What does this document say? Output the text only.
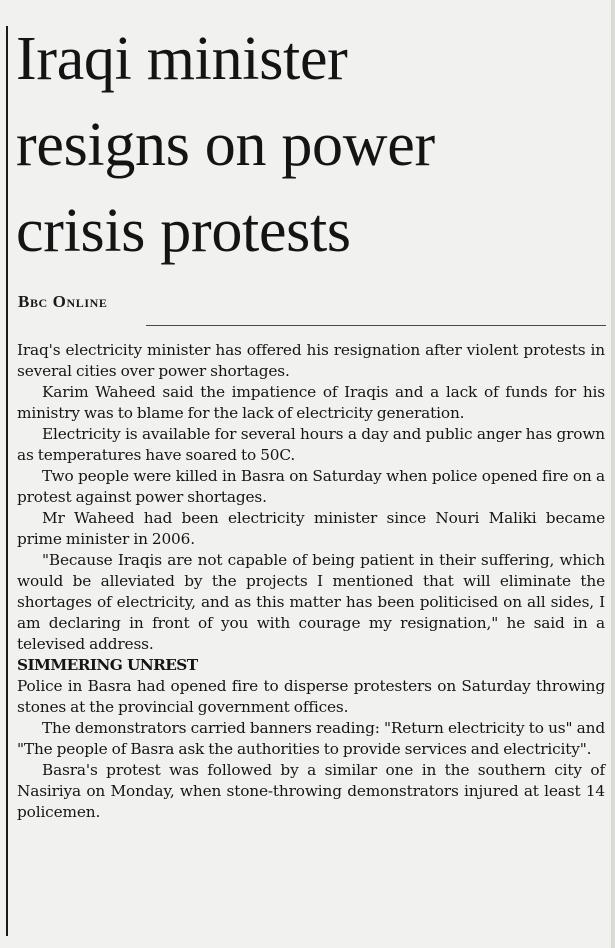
Iraqi minister
resigns on power
crisis protests
Bbc Online

Iraq's electricity minister has offered his resignation after violent protests in several cities over power shortages.

Karim Waheed said the impatience of Iraqis and a lack of funds for his ministry was to blame for the lack of electricity generation.

Electricity is available for several hours a day and public anger has grown as temperatures have soared to 50C.

Two people were killed in Basra on Saturday when police opened fire on a protest against power shortages.

Mr Waheed had been electricity minister since Nouri Maliki became prime minister in 2006.

"Because Iraqis are not capable of being patient in their suffering, which would be alleviated by the projects I mentioned that will eliminate the shortages of electricity, and as this matter has been politicised on all sides, I am declaring in front of you with courage my resignation," he said in a televised address.

SIMMERING UNREST

Police in Basra had opened fire to disperse protesters on Saturday throwing stones at the provincial government offices.

The demonstrators carried banners reading: "Return electricity to us" and "The people of Basra ask the authorities to provide services and electricity".

Basra's protest was followed by a similar one in the southern city of Nasiriya on Monday, when stone-throwing demonstrators injured at least 14 policemen.
